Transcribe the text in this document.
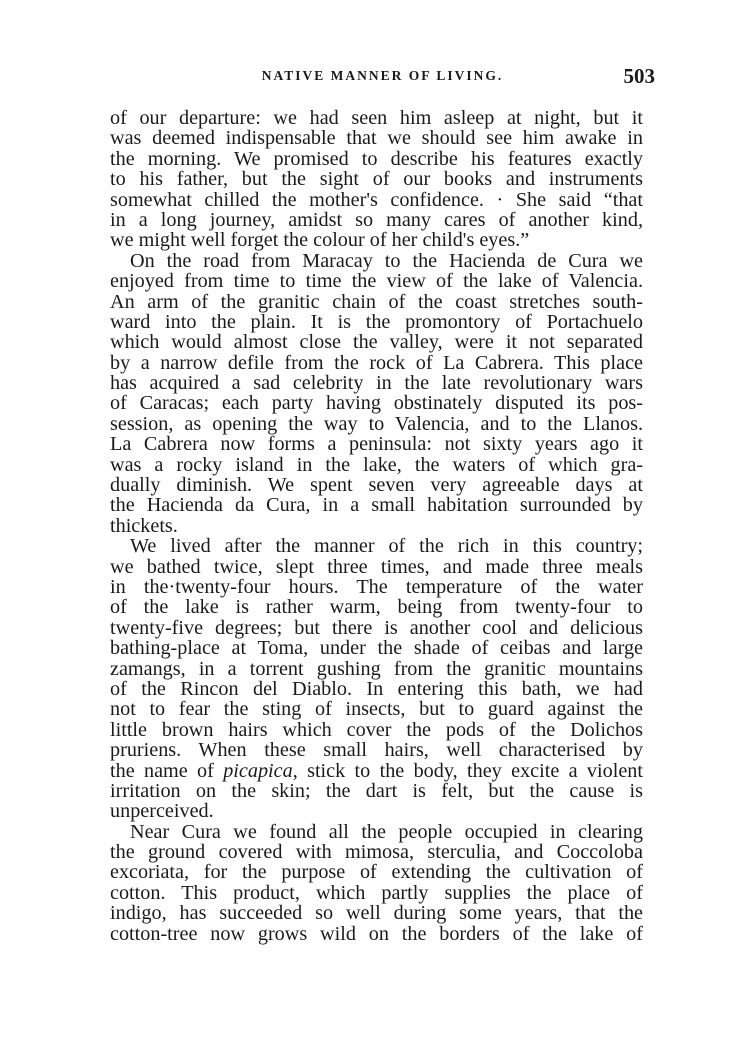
NATIVE MANNER OF LIVING.	503
of our departure: we had seen him asleep at night, but it
was deemed indispensable that we should see him awake in
the morning. We promised to describe his features exactly
to his father, but the sight of our books and instruments
somewhat chilled the mother's confidence. · She said “that
in a long journey, amidst so many cares of another kind,
we might well forget the colour of her child's eyes.”
On the road from Maracay to the Hacienda de Cura we
enjoyed from time to time the view of the lake of Valencia.
An arm of the granitic chain of the coast stretches south-
ward into the plain. It is the promontory of Portachuelo
which would almost close the valley, were it not separated
by a narrow defile from the rock of La Cabrera. This place
has acquired a sad celebrity in the late revolutionary wars
of Caracas; each party having obstinately disputed its pos-
session, as opening the way to Valencia, and to the Llanos.
La Cabrera now forms a peninsula: not sixty years ago it
was a rocky island in the lake, the waters of which gra-
dually diminish. We spent seven very agreeable days at
the Hacienda da Cura, in a small habitation surrounded by
thickets.
We lived after the manner of the rich in this country;
we bathed twice, slept three times, and made three meals
in the·twenty-four hours. The temperature of the water
of the lake is rather warm, being from twenty-four to
twenty-five degrees; but there is another cool and delicious
bathing-place at Toma, under the shade of ceibas and large
zamangs, in a torrent gushing from the granitic mountains
of the Rincon del Diablo. In entering this bath, we had
not to fear the sting of insects, but to guard against the
little brown hairs which cover the pods of the Dolichos
pruriens. When these small hairs, well characterised by
the name of picapica, stick to the body, they excite a violent
irritation on the skin; the dart is felt, but the cause is
unperceived.
Near Cura we found all the people occupied in clearing
the ground covered with mimosa, sterculia, and Coccoloba
excoriata, for the purpose of extending the cultivation of
cotton. This product, which partly supplies the place of
indigo, has succeeded so well during some years, that the
cotton-tree now grows wild on the borders of the lake of
